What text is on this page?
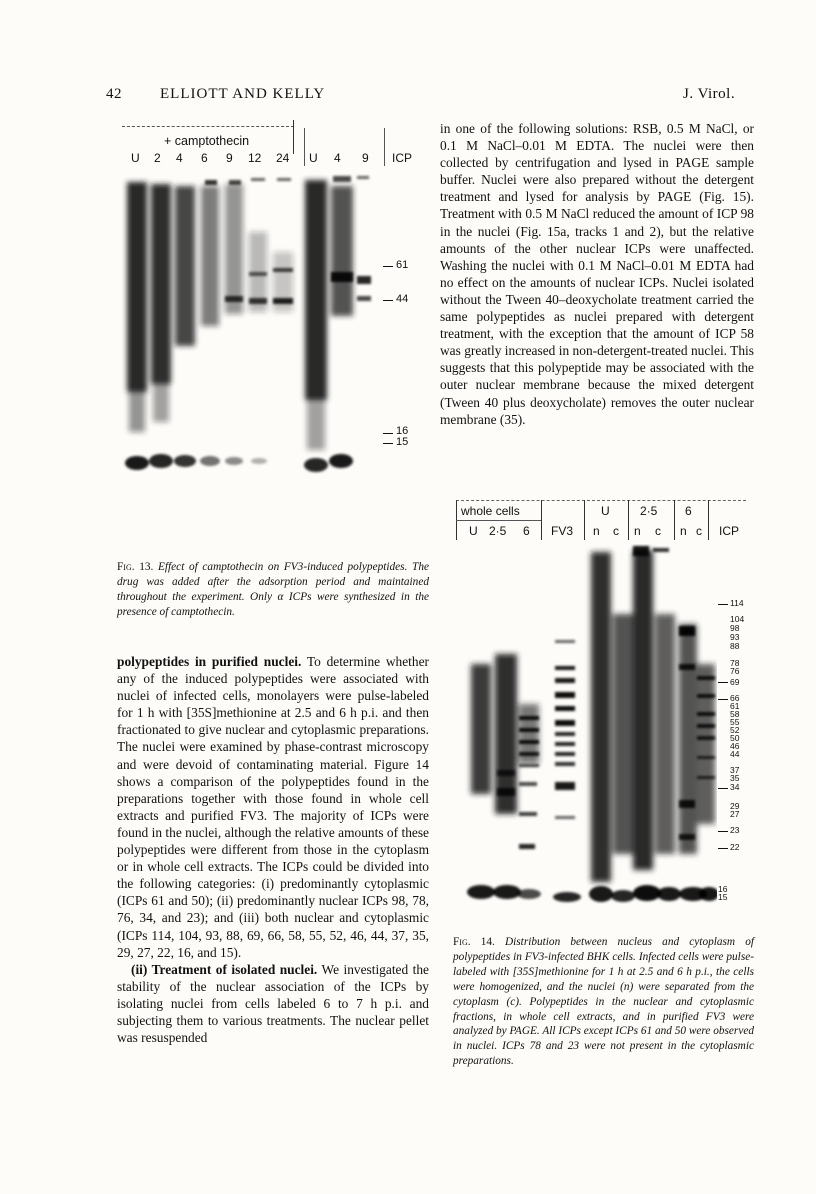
42	ELLIOTT AND KELLY	J. Virol.
+ camptothecin
U 2 4 6 9 12 24 U 4 9 ICP
61
44
16
15
Fig. 13. Effect of camptothecin on FV3-induced polypeptides. The drug was added after the adsorption period and maintained throughout the experiment. Only α ICPs were synthesized in the presence of camptothecin.

polypeptides in purified nuclei. To determine whether any of the induced polypeptides were associated with nuclei of infected cells, monolayers were pulse-labeled for 1 h with [35S]methionine at 2.5 and 6 h p.i. and then fractionated to give nuclear and cytoplasmic preparations. The nuclei were examined by phase-contrast microscopy and were devoid of contaminating material. Figure 14 shows a comparison of the polypeptides found in the preparations together with those found in whole cell extracts and purified FV3. The majority of ICPs were found in the nuclei, although the relative amounts of these polypeptides were different from those in the cytoplasm or in whole cell extracts. The ICPs could be divided into the following categories: (i) predominantly cytoplasmic (ICPs 61 and 50); (ii) predominantly nuclear ICPs 98, 78, 76, 34, and 23); and (iii) both nuclear and cytoplasmic (ICPs 114, 104, 93, 88, 69, 66, 58, 55, 52, 46, 44, 37, 35, 29, 27, 22, 16, and 15).

(ii) Treatment of isolated nuclei. We investigated the stability of the nuclear association of the ICPs by isolating nuclei from cells labeled 6 to 7 h p.i. and subjecting them to various treatments. The nuclear pellet was resuspended

in one of the following solutions: RSB, 0.5 M NaCl, or 0.1 M NaCl–0.01 M EDTA. The nuclei were then collected by centrifugation and lysed in PAGE sample buffer. Nuclei were also prepared without the detergent treatment and lysed for analysis by PAGE (Fig. 15). Treatment with 0.5 M NaCl reduced the amount of ICP 98 in the nuclei (Fig. 15a, tracks 1 and 2), but the relative amounts of the other nuclear ICPs were unaffected. Washing the nuclei with 0.1 M NaCl–0.01 M EDTA had no effect on the amounts of nuclear ICPs. Nuclei isolated without the Tween 40–deoxycholate treatment carried the same polypeptides as nuclei prepared with detergent treatment, with the exception that the amount of ICP 58 was greatly increased in non-detergent-treated nuclei. This suggests that this polypeptide may be associated with the outer nuclear membrane because the mixed detergent (Tween 40 plus deoxycholate) removes the outer nuclear membrane (35).

whole cells	U	2·5 6
U 2·5 6 FV3 n c n c n c ICP
114
104
98
93
88
78
76
69
66
61
58
55
52
50
46
44
37
35
34
29
27
23
22
16
15
Fig. 14. Distribution between nucleus and cytoplasm of polypeptides in FV3-infected BHK cells. Infected cells were pulse-labeled with [35S]methionine for 1 h at 2.5 and 6 h p.i., the cells were homogenized, and the nuclei (n) were separated from the cytoplasm (c). Polypeptides in the nuclear and cytoplasmic fractions, in whole cell extracts, and in purified FV3 were analyzed by PAGE. All ICPs except ICPs 61 and 50 were observed in nuclei. ICPs 78 and 23 were not present in the cytoplasmic preparations.
